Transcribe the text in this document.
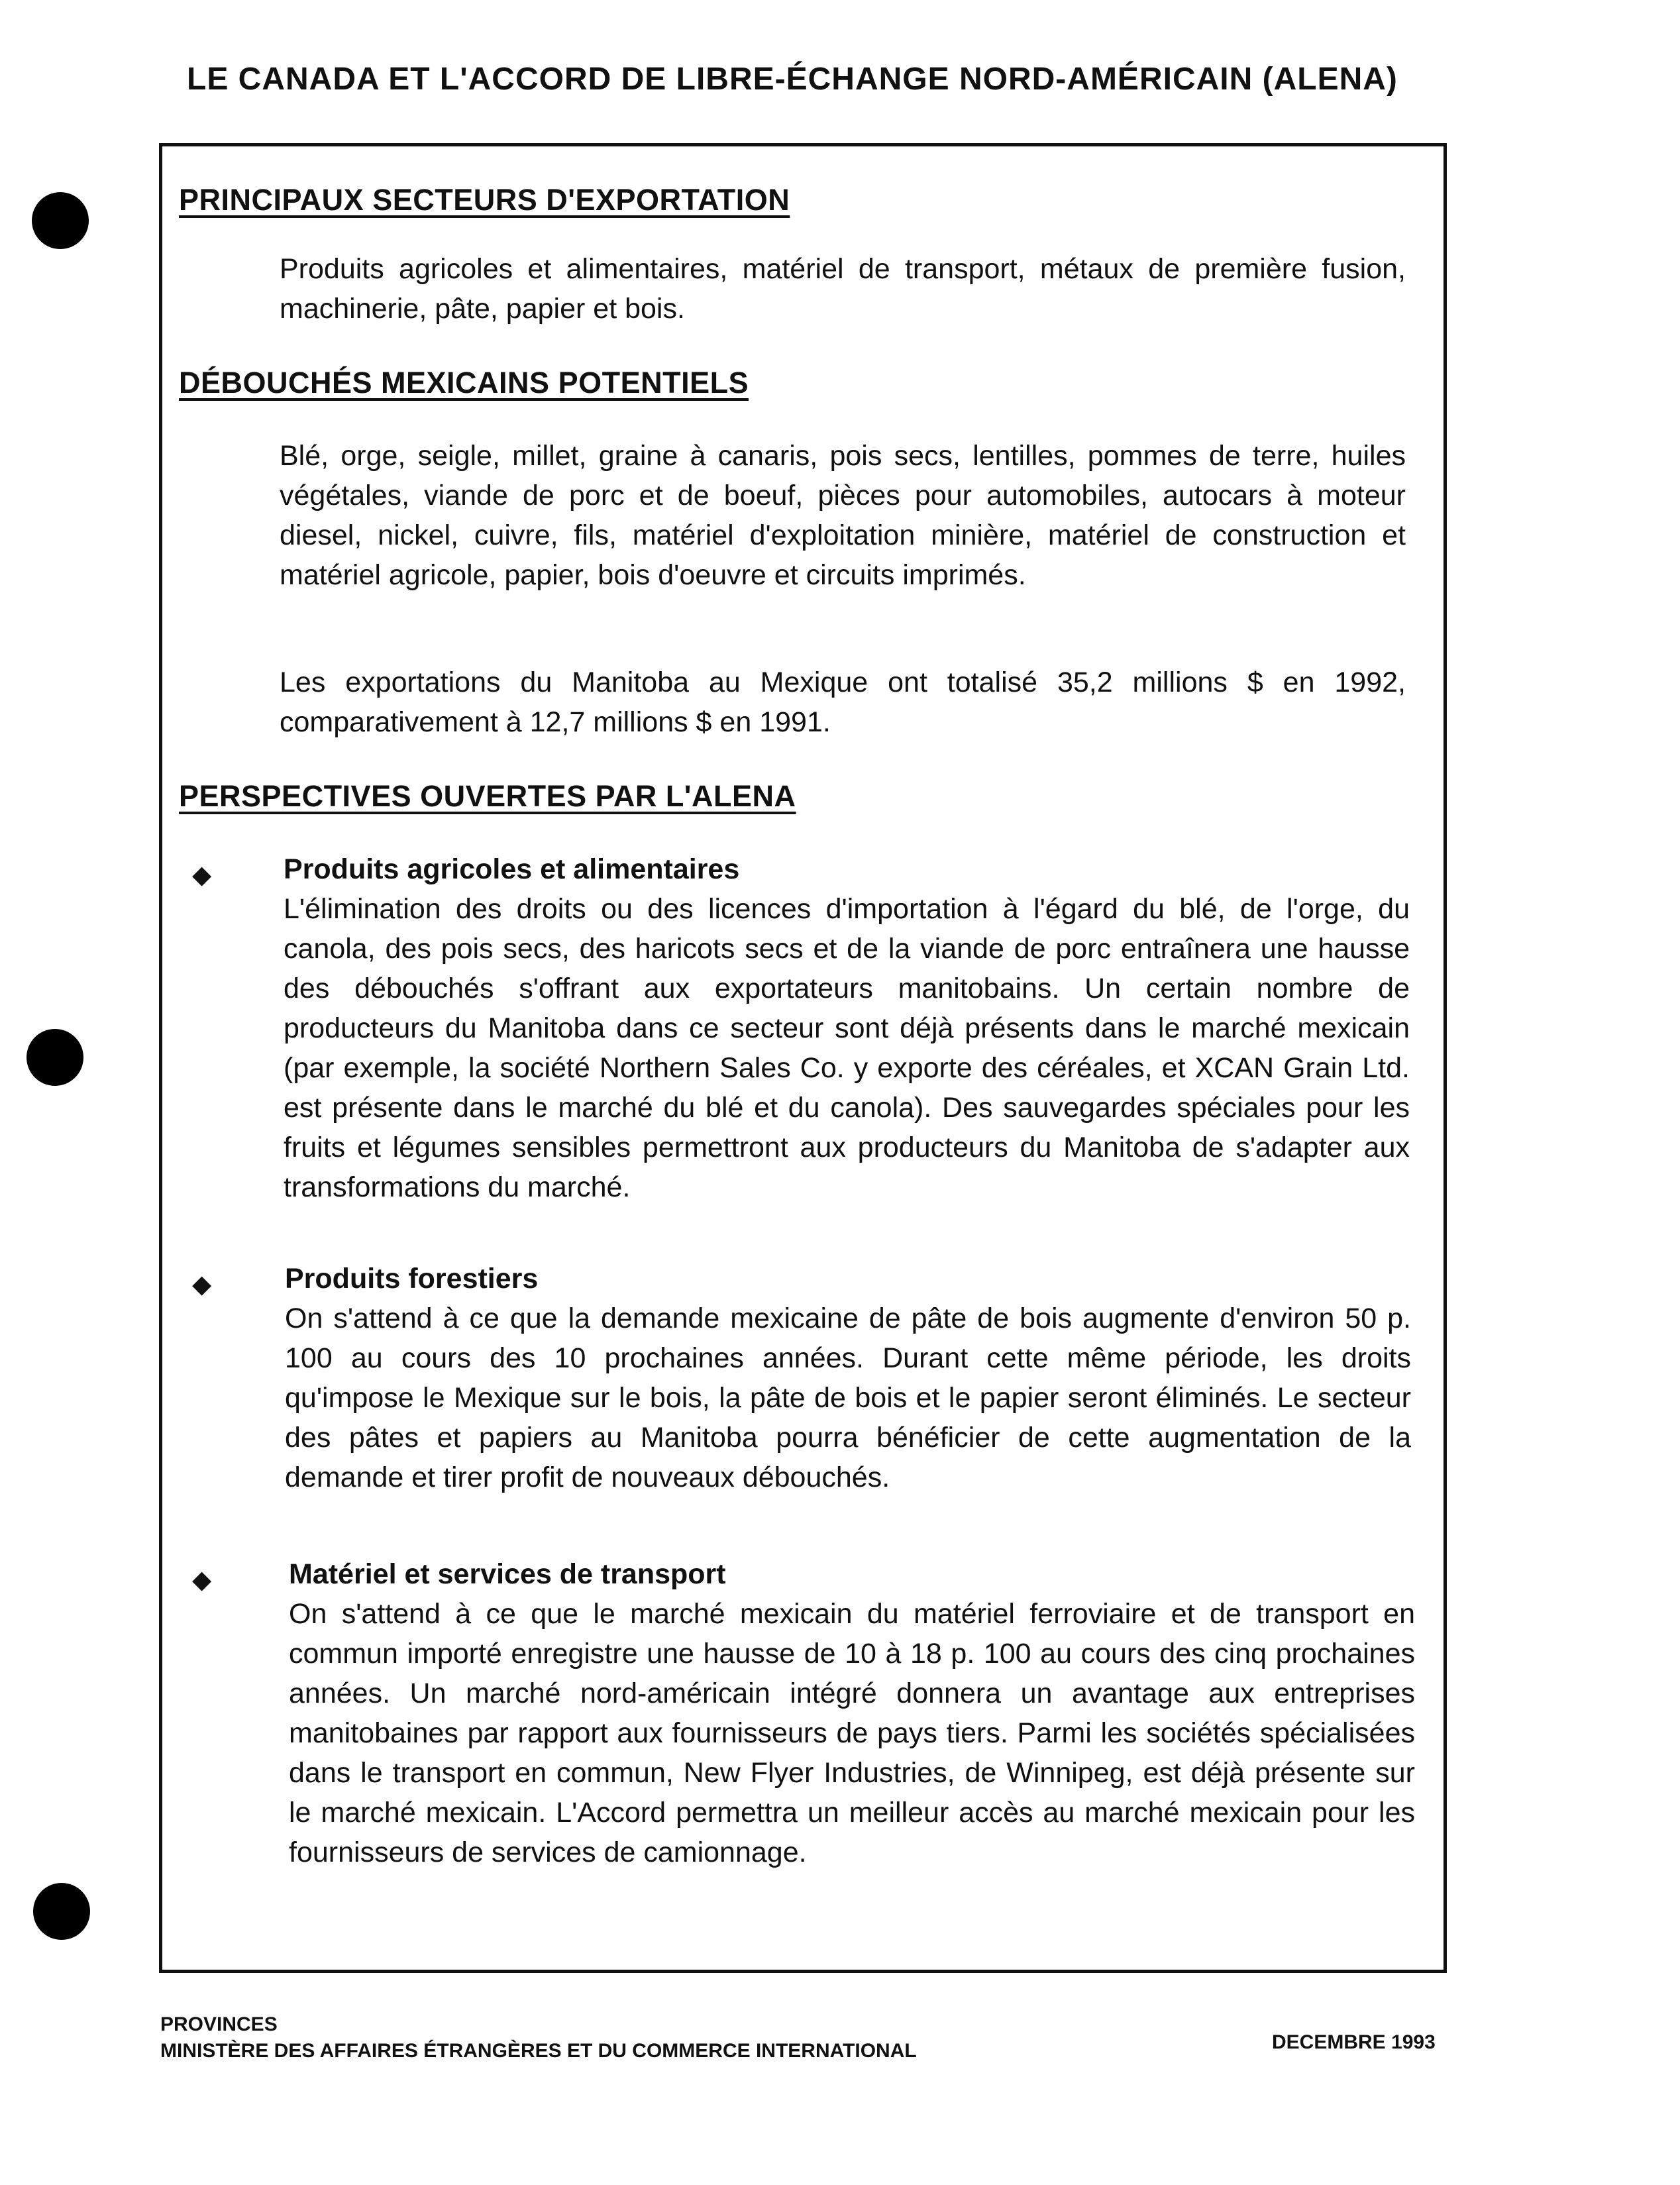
LE CANADA ET L'ACCORD DE LIBRE-ÉCHANGE NORD-AMÉRICAIN (ALENA)
PRINCIPAUX SECTEURS D'EXPORTATION
Produits agricoles et alimentaires, matériel de transport, métaux de première fusion, machinerie, pâte, papier et bois.
DÉBOUCHÉS MEXICAINS POTENTIELS
Blé, orge, seigle, millet, graine à canaris, pois secs, lentilles, pommes de terre, huiles végétales, viande de porc et de boeuf, pièces pour automobiles, autocars à moteur diesel, nickel, cuivre, fils, matériel d'exploitation minière, matériel de construction et matériel agricole, papier, bois d'oeuvre et circuits imprimés.
Les exportations du Manitoba au Mexique ont totalisé 35,2 millions $ en 1992, comparativement à 12,7 millions $ en 1991.
PERSPECTIVES OUVERTES PAR L'ALENA
◆	Produits agricoles et alimentaires
L'élimination des droits ou des licences d'importation à l'égard du blé, de l'orge, du canola, des pois secs, des haricots secs et de la viande de porc entraînera une hausse des débouchés s'offrant aux exportateurs manitobains. Un certain nombre de producteurs du Manitoba dans ce secteur sont déjà présents dans le marché mexicain (par exemple, la société Northern Sales Co. y exporte des céréales, et XCAN Grain Ltd. est présente dans le marché du blé et du canola). Des sauvegardes spéciales pour les fruits et légumes sensibles permettront aux producteurs du Manitoba de s'adapter aux transformations du marché.
◆	Produits forestiers
On s'attend à ce que la demande mexicaine de pâte de bois augmente d'environ 50 p. 100 au cours des 10 prochaines années. Durant cette même période, les droits qu'impose le Mexique sur le bois, la pâte de bois et le papier seront éliminés. Le secteur des pâtes et papiers au Manitoba pourra bénéficier de cette augmentation de la demande et tirer profit de nouveaux débouchés.
◆	Matériel et services de transport
On s'attend à ce que le marché mexicain du matériel ferroviaire et de transport en commun importé enregistre une hausse de 10 à 18 p. 100 au cours des cinq prochaines années. Un marché nord-américain intégré donnera un avantage aux entreprises manitobaines par rapport aux fournisseurs de pays tiers. Parmi les sociétés spécialisées dans le transport en commun, New Flyer Industries, de Winnipeg, est déjà présente sur le marché mexicain. L'Accord permettra un meilleur accès au marché mexicain pour les fournisseurs de services de camionnage.
PROVINCES
MINISTÈRE DES AFFAIRES ÉTRANGÈRES ET DU COMMERCE INTERNATIONAL	DECEMBRE 1993
